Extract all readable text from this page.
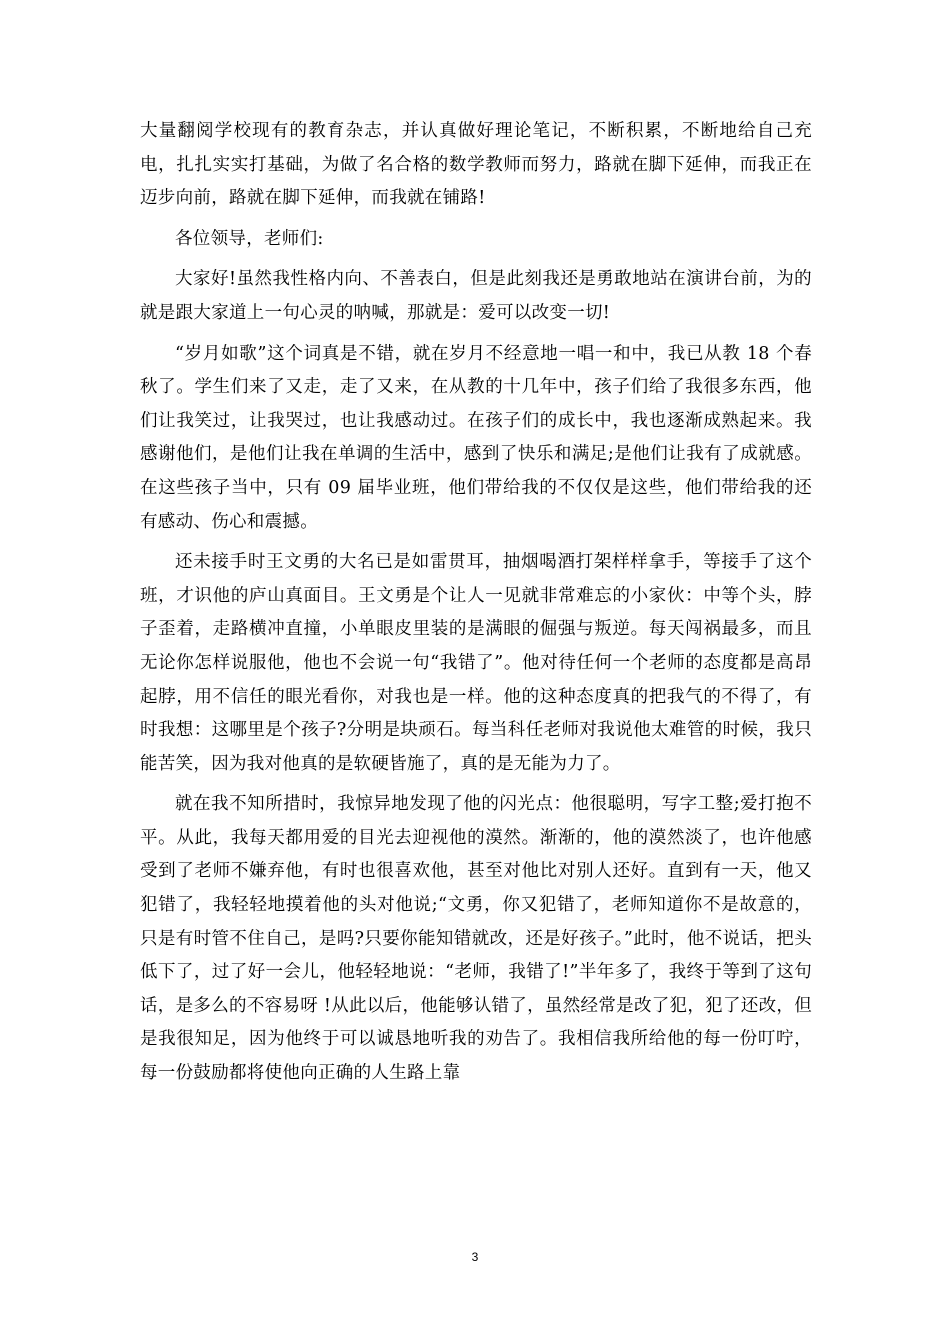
大量翻阅学校现有的教育杂志，并认真做好理论笔记，不断积累，不断地给自己充电，扎扎实实打基础，为做了名合格的数学教师而努力，路就在脚下延伸，而我正在迈步向前，路就在脚下延伸，而我就在铺路!

各位领导，老师们:

大家好!虽然我性格内向、不善表白，但是此刻我还是勇敢地站在演讲台前，为的就是跟大家道上一句心灵的呐喊，那就是：爱可以改变一切!

“岁月如歌”这个词真是不错，就在岁月不经意地一唱一和中，我已从教 18 个春秋了。学生们来了又走，走了又来，在从教的十几年中，孩子们给了我很多东西，他们让我笑过，让我哭过，也让我感动过。在孩子们的成长中，我也逐渐成熟起来。我感谢他们，是他们让我在单调的生活中，感到了快乐和满足;是他们让我有了成就感。在这些孩子当中，只有 09 届毕业班，他们带给我的不仅仅是这些，他们带给我的还有感动、伤心和震撼。

还未接手时王文勇的大名已是如雷贯耳，抽烟喝酒打架样样拿手，等接手了这个班，才识他的庐山真面目。王文勇是个让人一见就非常难忘的小家伙：中等个头，脖子歪着，走路横冲直撞，小单眼皮里装的是满眼的倔强与叛逆。每天闯祸最多，而且无论你怎样说服他，他也不会说一句“我错了”。他对待任何一个老师的态度都是高昂起脖，用不信任的眼光看你，对我也是一样。他的这种态度真的把我气的不得了，有时我想：这哪里是个孩子?分明是块顽石。每当科任老师对我说他太难管的时候，我只能苦笑，因为我对他真的是软硬皆施了，真的是无能为力了。

就在我不知所措时，我惊异地发现了他的闪光点：他很聪明，写字工整;爱打抱不平。从此，我每天都用爱的目光去迎视他的漠然。渐渐的，他的漠然淡了，也许他感受到了老师不嫌弃他，有时也很喜欢他，甚至对他比对别人还好。直到有一天，他又犯错了，我轻轻地摸着他的头对他说;“文勇，你又犯错了，老师知道你不是故意的，只是有时管不住自己，是吗?只要你能知错就改，还是好孩子。”此时，他不说话，把头低下了，过了好一会儿，他轻轻地说：“老师，我错了!”半年多了，我终于等到了这句话，是多么的不容易呀 !从此以后，他能够认错了，虽然经常是改了犯，犯了还改，但是我很知足，因为他终于可以诚恳地听我的劝告了。我相信我所给他的每一份叮咛，每一份鼓励都将使他向正确的人生路上靠

3
